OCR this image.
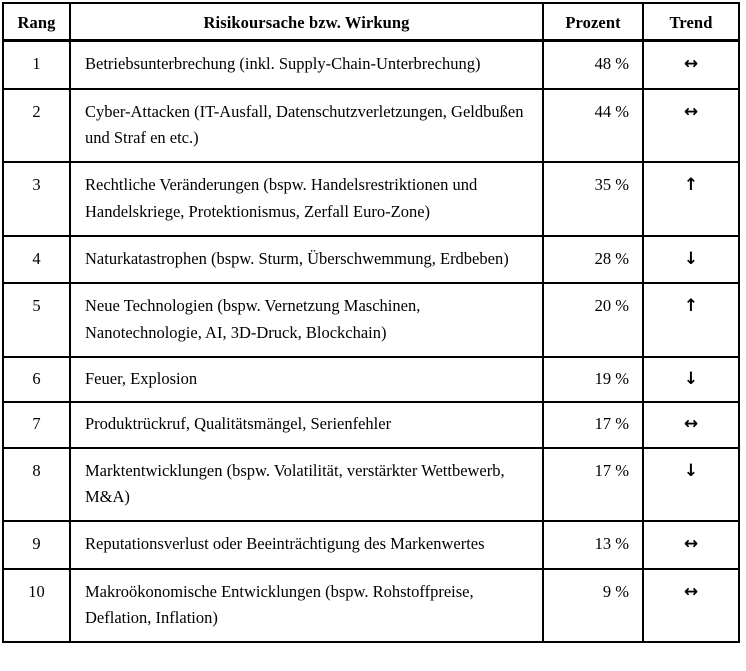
Rang	Risikoursache bzw. Wirkung	Prozent	Trend
1	Betriebsunterbrechung (inkl. Supply-Chain-Unterbrechung)	48 %	↔
2	Cyber-Attacken (IT-Ausfall, Datenschutzverletzungen, Geldbußen und Straf en etc.)	44 %	↔
3	Rechtliche Veränderungen (bspw. Handelsrestriktionen und Handelskriege, Protektionismus, Zerfall Euro-Zone)	35 %	↑
4	Naturkatastrophen (bspw. Sturm, Überschwemmung, Erdbeben)	28 %	↓
5	Neue Technologien (bspw. Vernetzung Maschinen, Nanotechnologie, AI, 3D-Druck, Blockchain)	20 %	↑
6	Feuer, Explosion	19 %	↓
7	Produktrückruf, Qualitätsmängel, Serienfehler	17 %	↔
8	Marktentwicklungen (bspw. Volatilität, verstärkter Wettbewerb, M&A)	17 %	↓
9	Reputationsverlust oder Beeinträchtigung des Markenwertes	13 %	↔
10	Makroökonomische Entwicklungen (bspw. Rohstoffpreise, Deflation, Inflation)	9 %	↔
